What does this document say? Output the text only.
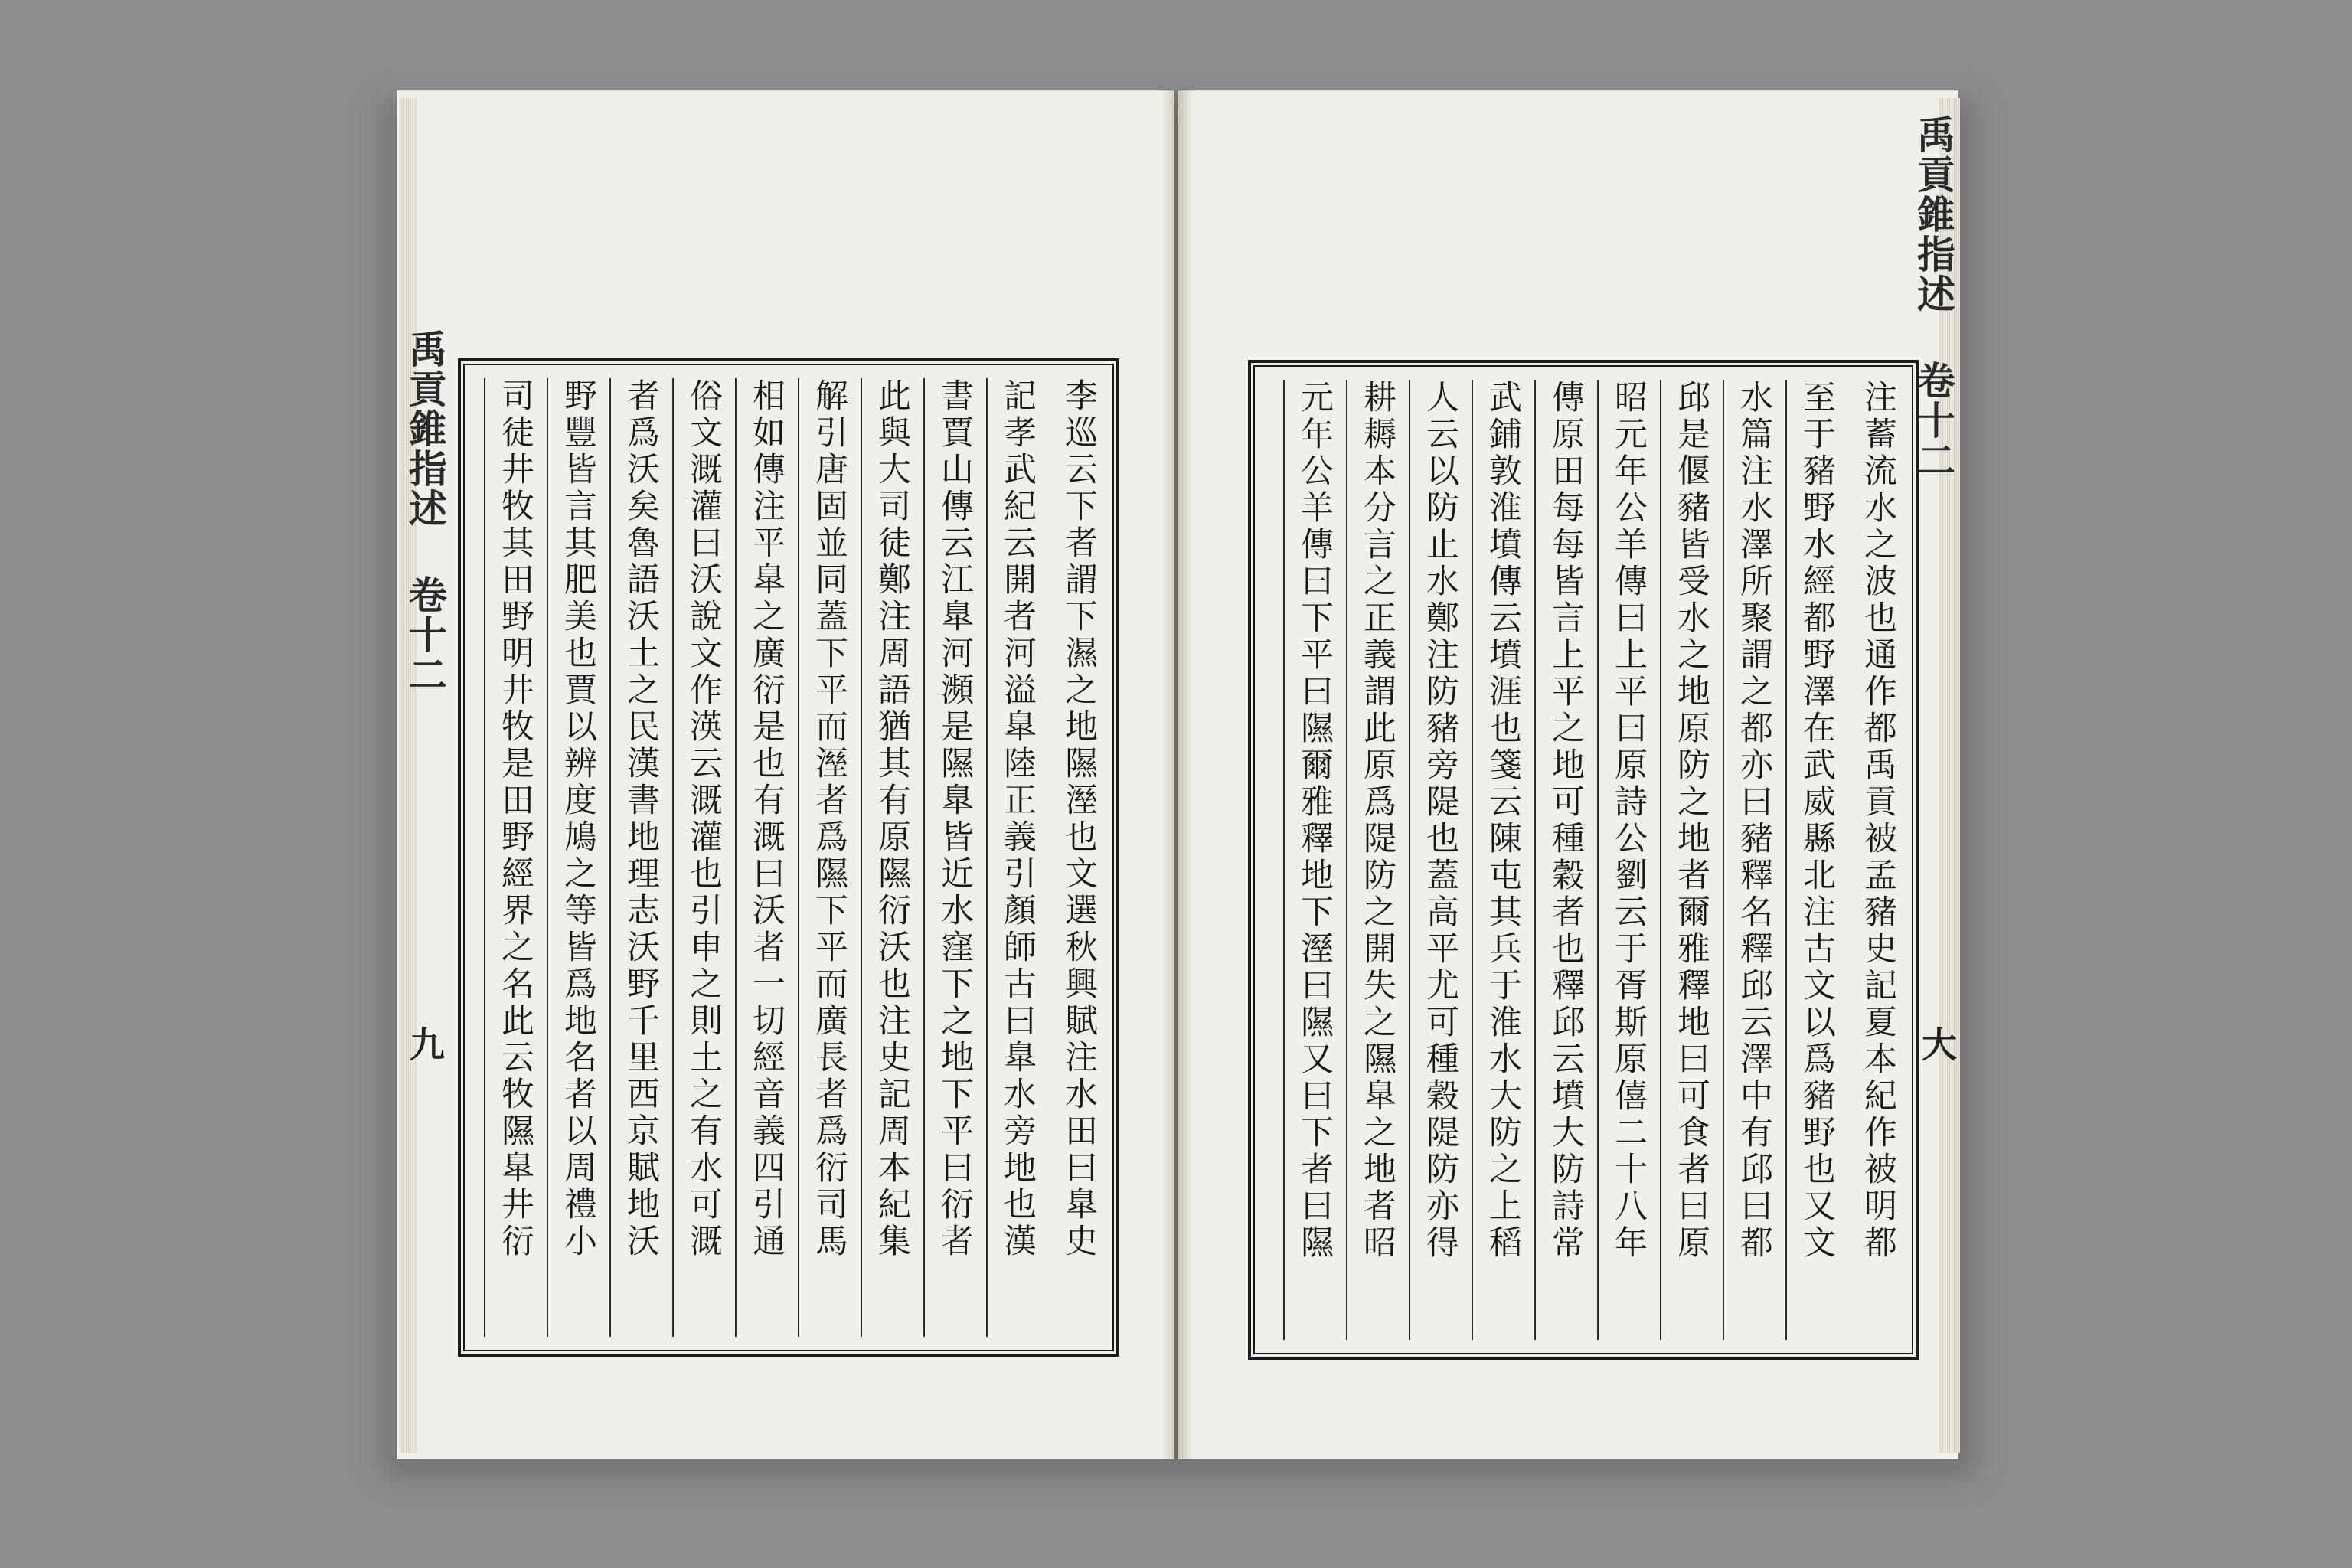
禹貢錐指述 卷十二
九
禹貢錐指述 卷十二
大
李巡云下者謂下濕之地隰溼也文選秋興賦注水田曰臯史
記孝武紀云開者河溢臯陸正義引顏師古曰臯水旁地也漢
書賈山傳云江臯河瀕是隰臯皆近水窪下之地下平曰衍者
此與大司徒鄭注周語猶其有原隰衍沃也注史記周本紀集
解引唐固並同蓋下平而溼者爲隰下平而廣長者爲衍司馬
相如傳注平臯之廣衍是也有溉曰沃者一切經音義四引通
俗文溉灌曰沃說文作渶云溉灌也引申之則土之有水可溉
者爲沃矣魯語沃土之民漢書地理志沃野千里西京賦地沃
野豐皆言其肥美也賈以辨度鳩之等皆爲地名者以周禮小
司徒井牧其田野明井牧是田野經界之名此云牧隰臯井衍	注蓄流水之波也通作都禹貢被孟豬史記夏本紀作被明都
至于豬野水經都野澤在武威縣北注古文以爲豬野也又文
水篇注水澤所聚謂之都亦曰豬釋名釋邱云澤中有邱曰都
邱是偃豬皆受水之地原防之地者爾雅釋地曰可食者曰原
昭元年公羊傳曰上平曰原詩公劉云于胥斯原僖二十八年
傳原田每每皆言上平之地可種穀者也釋邱云墳大防詩常
武鋪敦淮墳傳云墳涯也箋云陳屯其兵于淮水大防之上稻
人云以防止水鄭注防豬旁隄也蓋高平尤可種穀隄防亦得
耕耨本分言之正義謂此原爲隄防之開失之隰臯之地者昭
元年公羊傳曰下平曰隰爾雅釋地下溼曰隰又曰下者曰隰
